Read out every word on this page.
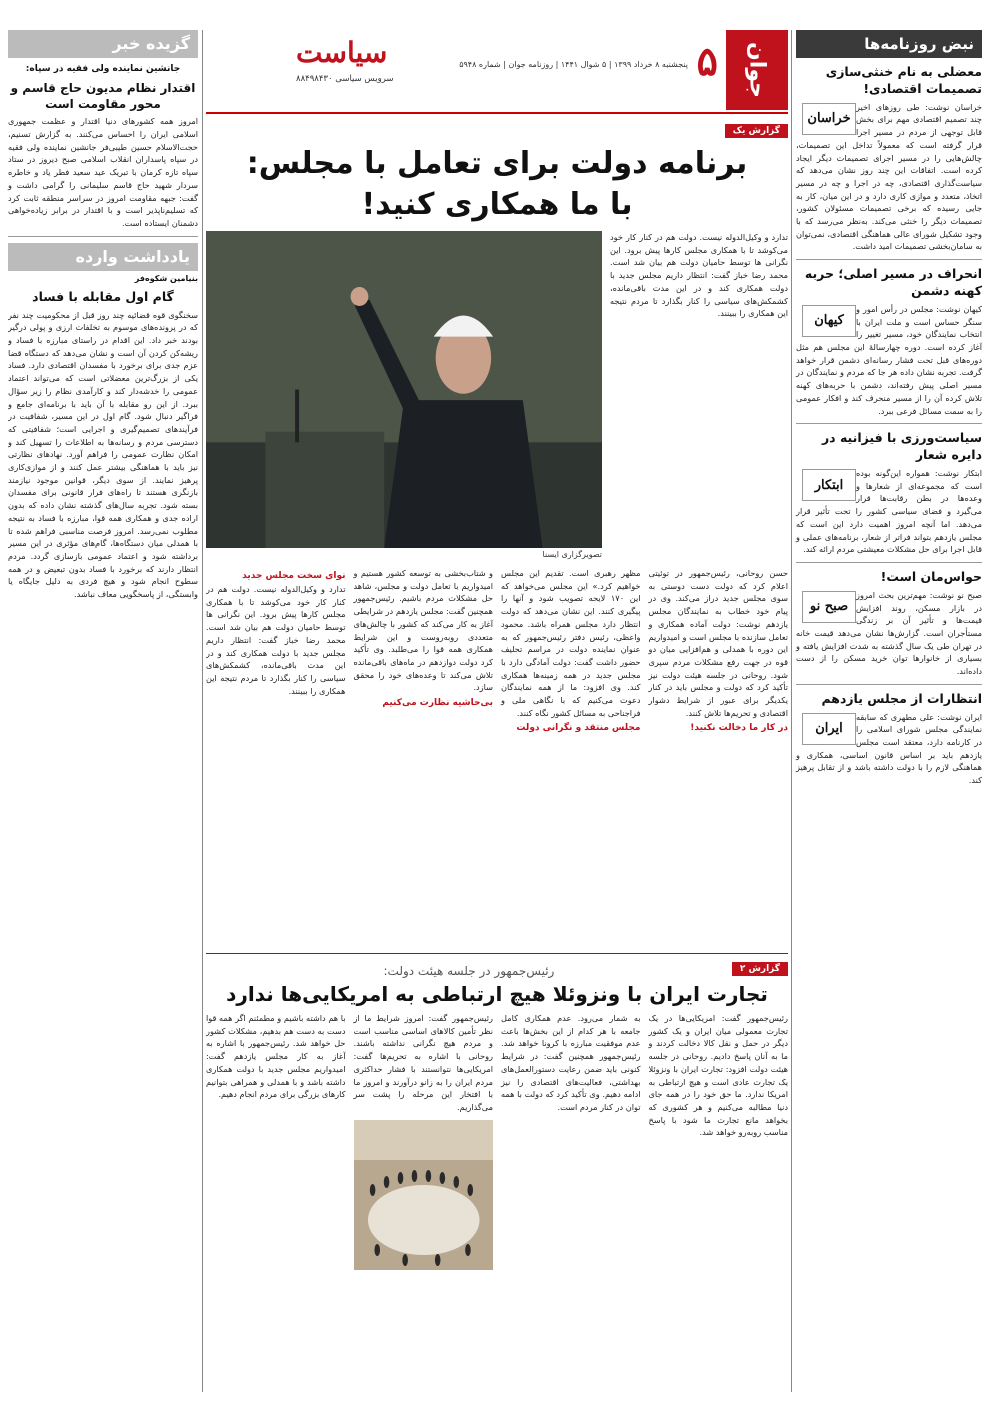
نبض روزنامه‌ها
معضلی به نام خنثی‌سازی تصمیمات اقتصادی!
خراسان
خراسان نوشت: طی روزهای اخیر چند تصمیم اقتصادی مهم برای بخش قابل توجهی از مردم در مسیر اجرا قرار گرفته است که معمولاً تداخل این تصمیمات، چالش‌هایی را در مسیر اجرای تصمیمات دیگر ایجاد کرده است. اتفاقات این چند روز نشان می‌دهد که سیاست‌گذاری اقتصادی، چه در اجرا و چه در مسیر اتخاذ، متعدد و موازی کاری دارد و در این میان، کار به جایی رسیده که برخی تصمیمات مسئولان کشور، تصمیمات دیگر را خنثی می‌کند. به‌نظر می‌رسد که با وجود تشکیل شورای عالی هماهنگی اقتصادی، نمی‌توان به سامان‌بخشی تصمیمات امید داشت.
انحراف در مسیر اصلی؛ حربه کهنه دشمن
کیهان
کیهان نوشت: مجلس در رأس امور و سنگر حساس است و ملت ایران با انتخاب نمایندگان خود، مسیر تغییر را آغاز کرده است. دوره چهارسالهٔ این مجلس هم مثل دوره‌های قبل تحت فشار رسانه‌ای دشمن قرار خواهد گرفت. تجربه نشان داده هر جا که مردم و نمایندگان در مسیر اصلی پیش رفته‌اند، دشمن با حربه‌های کهنه تلاش کرده آن را از مسیر منحرف کند و افکار عمومی را به سمت مسائل فرعی ببرد.
سیاست‌ورزی با فیزانیه در دایره شعار
ابتکار
ابتکار نوشت: همواره این‌گونه بوده است که مجموعه‌ای از شعارها و وعده‌ها در بطن رقابت‌ها قرار می‌گیرد و فضای سیاسی کشور را تحت تأثیر قرار می‌دهد. اما آنچه امروز اهمیت دارد این است که مجلس یازدهم بتواند فراتر از شعار، برنامه‌های عملی و قابل اجرا برای حل مشکلات معیشتی مردم ارائه کند.
حواس‌مان است!
صبح نو
صبح نو نوشت: مهم‌ترین بحث امروز در بازار مسکن، روند افزایش قیمت‌ها و تأثیر آن بر زندگی مستأجران است. گزارش‌ها نشان می‌دهد قیمت خانه در تهران طی یک سال گذشته به شدت افزایش یافته و بسیاری از خانوارها توان خرید مسکن را از دست داده‌اند.
انتظارات از مجلس یازدهم
ایران
ایران نوشت: علی مطهری که سابقه نمایندگی مجلس شورای اسلامی را در کارنامه دارد، معتقد است مجلس یازدهم باید بر اساس قانون اساسی، همکاری و هماهنگی لازم را با دولت داشته باشد و از تقابل پرهیز کند.
گزیده خبر
جانشین نماینده ولی فقیه در سپاه:
اقتدار نظام مدیون حاج قاسم و محور مقاومت است
امروز همه کشورهای دنیا اقتدار و عظمت جمهوری اسلامی ایران را احساس می‌کنند. به گزارش تسنیم، حجت‌الاسلام حسین طیبی‌فر جانشین نماینده ولی فقیه در سپاه پاسداران انقلاب اسلامی صبح دیروز در ستاد سپاه تازه کرمان با تبریک عید سعید فطر یاد و خاطره سردار شهید حاج قاسم سلیمانی را گرامی داشت و گفت: جبهه مقاومت امروز در سراسر منطقه ثابت کرد که تسلیم‌ناپذیر است و با اقتدار در برابر زیاده‌خواهی دشمنان ایستاده است.
یادداشت وارده
بنیامین شکوه‌فر
گام اول مقابله با فساد
سخنگوی قوه قضائیه چند روز قبل از محکومیت چند نفر که در پرونده‌های موسوم به تخلفات ارزی و پولی درگیر بودند خبر داد. این اقدام در راستای مبارزه با فساد و ریشه‌کن کردن آن است و نشان می‌دهد که دستگاه قضا عزم جدی برای برخورد با مفسدان اقتصادی دارد. فساد یکی از بزرگ‌ترین معضلاتی است که می‌تواند اعتماد عمومی را خدشه‌دار کند و کارآمدی نظام را زیر سؤال ببرد. از این رو مقابله با آن باید با برنامه‌ای جامع و فراگیر دنبال شود. گام اول در این مسیر، شفافیت در فرآیندهای تصمیم‌گیری و اجرایی است؛ شفافیتی که دسترسی مردم و رسانه‌ها به اطلاعات را تسهیل کند و امکان نظارت عمومی را فراهم آورد. نهادهای نظارتی نیز باید با هماهنگی بیشتر عمل کنند و از موازی‌کاری پرهیز نمایند. از سوی دیگر، قوانین موجود نیازمند بازنگری هستند تا راه‌های فرار قانونی برای مفسدان بسته شود. تجربه سال‌های گذشته نشان داده که بدون اراده جدی و همکاری همه قوا، مبارزه با فساد به نتیجه مطلوب نمی‌رسد. امروز فرصت مناسبی فراهم شده تا با همدلی میان دستگاه‌ها، گام‌های مؤثری در این مسیر برداشته شود و اعتماد عمومی بازسازی گردد. مردم انتظار دارند که برخورد با فساد بدون تبعیض و در همه سطوح انجام شود و هیچ فردی به دلیل جایگاه یا وابستگی، از پاسخگویی معاف نباشد.
جوان
۵
پنجشنبه ۸ خرداد ۱۳۹۹ | ۵ شوال ۱۴۴۱ | روزنامه جوان | شماره ۵۹۴۸
سیاست
سرویس سیاسی ۸۸۴۹۸۴۳۰
گزارش یک
برنامه دولت برای تعامل با مجلس:
با ما همکاری کنید!
تدارد و وکیل‌الدوله نیست. دولت هم در کنار کار خود می‌کوشد تا با همکاری مجلس کارها پیش برود. این نگرانی ها توسط حامیان دولت هم بیان شد است. محمد رضا خباز گفت: انتظار داریم مجلس جدید با دولت همکاری کند و در این مدت باقی‌مانده، کشمکش‌های سیاسی را کنار بگذارد تا مردم نتیجه این همکاری را ببینند.
تصویرگزاری ایسنا
حسن روحانی، رئیس‌جمهور در توئیتی اعلام کرد که دولت دست دوستی به سوی مجلس جدید دراز می‌کند. وی در پیام خود خطاب به نمایندگان مجلس یازدهم نوشت: دولت آماده همکاری و تعامل سازنده با مجلس است و امیدواریم این دوره با همدلی و هم‌افزایی میان دو قوه در جهت رفع مشکلات مردم سپری شود. روحانی در جلسه هیئت دولت نیز تأکید کرد که دولت و مجلس باید در کنار یکدیگر برای عبور از شرایط دشوار اقتصادی و تحریم‌ها تلاش کنند.
در کار ما دخالت نکنید!
مظهر رهبری است. تقدیم این مجلس خواهیم کرد.» این مجلس می‌خواهد که این ۱۷۰ لایحه تصویب شود و آنها را پیگیری کنند. این نشان می‌دهد که دولت انتظار دارد مجلس همراه باشد. محمود واعظی، رئیس دفتر رئیس‌جمهور که به عنوان نماینده دولت در مراسم تحلیف حضور داشت گفت: دولت آمادگی دارد با مجلس جدید در همه زمینه‌ها همکاری کند. وی افزود: ما از همه نمایندگان دعوت می‌کنیم که با نگاهی ملی و فراجناحی به مسائل کشور نگاه کنند.
مجلس منتقد و نگرانی دولت
و شتاب‌بخشی به توسعه کشور هستیم و امیدواریم با تعامل دولت و مجلس، شاهد حل مشکلات مردم باشیم. رئیس‌جمهور همچنین گفت: مجلس یازدهم در شرایطی آغاز به کار می‌کند که کشور با چالش‌های متعددی روبه‌روست و این شرایط همکاری همه قوا را می‌طلبد. وی تأکید کرد دولت دوازدهم در ماه‌های باقی‌مانده تلاش می‌کند تا وعده‌های خود را محقق سازد.
بی‌حاشیه نظارت می‌کنیم
نوای سخت مجلس جدید
تدارد و وکیل‌الدوله نیست. دولت هم در کنار کار خود می‌کوشد تا با همکاری مجلس کارها پیش برود. این نگرانی ها توسط حامیان دولت هم بیان شد است. محمد رضا خباز گفت: انتظار داریم مجلس جدید با دولت همکاری کند و در این مدت باقی‌مانده، کشمکش‌های سیاسی را کنار بگذارد تا مردم نتیجه این همکاری را ببینند.
گزارش ۲
رئیس‌جمهور در جلسه هیئت دولت:
تجارت ایران با ونزوئلا هیچ ارتباطی به امریکایی‌ها ندارد
رئیس‌جمهور گفت: امریکایی‌ها در یک تجارت معمولی میان ایران و یک کشور دیگر در حمل و نقل کالا دخالت کردند و ما به آنان پاسخ دادیم. روحانی در جلسه هیئت دولت افزود: تجارت ایران با ونزوئلا یک تجارت عادی است و هیچ ارتباطی به امریکا ندارد. ما حق خود را در همه جای دنیا مطالبه می‌کنیم و هر کشوری که بخواهد مانع تجارت ما شود با پاسخ مناسب روبه‌رو خواهد شد.
به شمار می‌رود. عدم همکاری کامل جامعه با هر کدام از این بخش‌ها باعث عدم موفقیت مبارزه با کرونا خواهد شد. رئیس‌جمهور همچنین گفت: در شرایط کنونی باید ضمن رعایت دستورالعمل‌های بهداشتی، فعالیت‌های اقتصادی را نیز ادامه دهیم. وی تأکید کرد که دولت با همه توان در کنار مردم است.
رئیس‌جمهور گفت: امروز شرایط ما از نظر تأمین کالاهای اساسی مناسب است و مردم هیچ نگرانی نداشته باشند. روحانی با اشاره به تحریم‌ها گفت: امریکایی‌ها نتوانستند با فشار حداکثری مردم ایران را به زانو درآورند و امروز ما با افتخار این مرحله را پشت سر می‌گذاریم.
با هم داشته باشیم و مطمئنم اگر همه قوا دست به دست هم بدهیم، مشکلات کشور حل خواهد شد. رئیس‌جمهور با اشاره به آغاز به کار مجلس یازدهم گفت: امیدواریم مجلس جدید با دولت همکاری داشته باشد و با همدلی و همراهی بتوانیم کارهای بزرگی برای مردم انجام دهیم.
